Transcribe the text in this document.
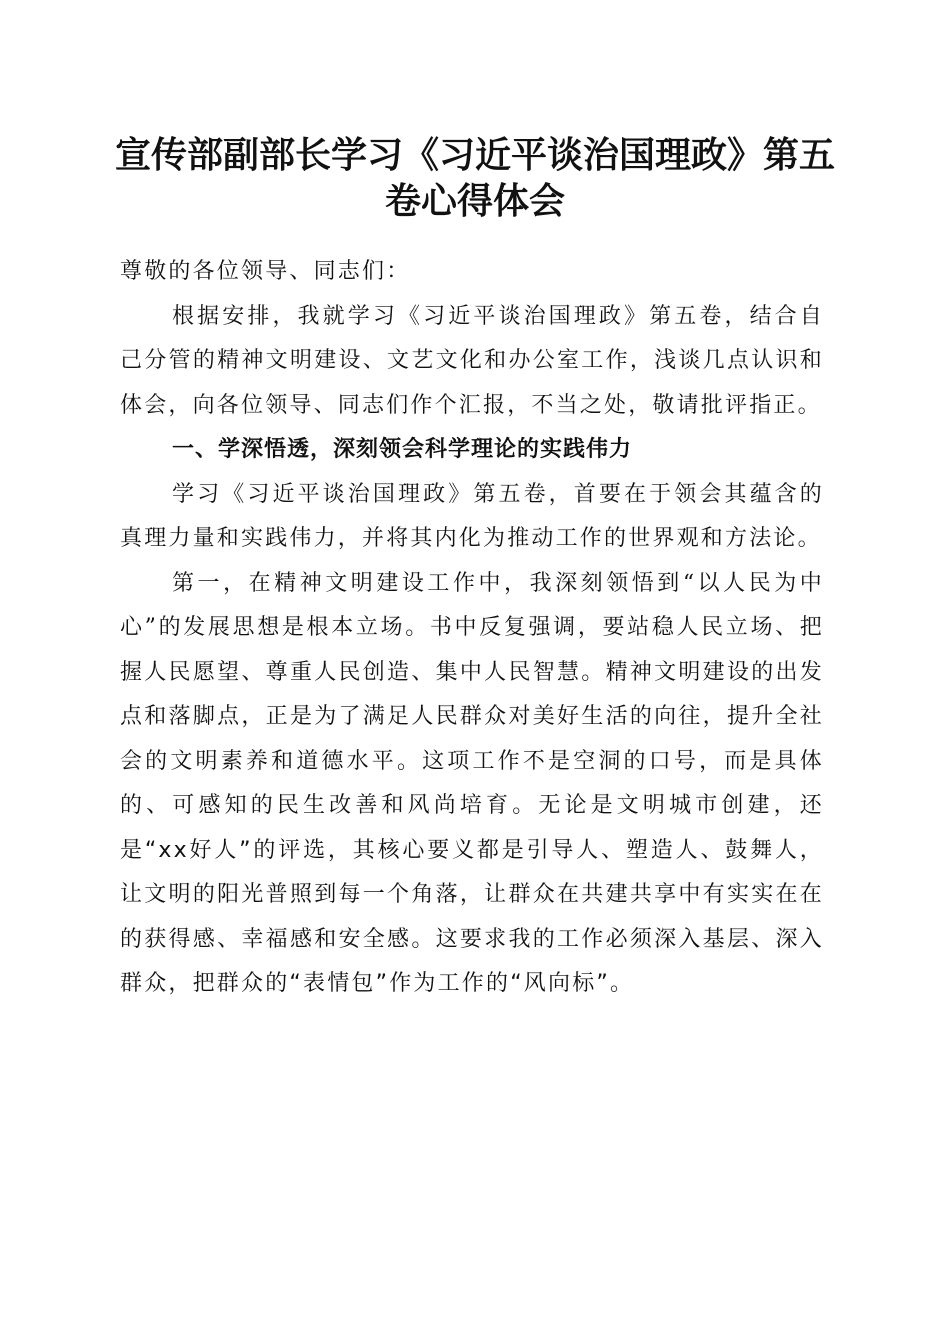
宣传部副部长学习《习近平谈治国理政》第五
卷心得体会

尊敬的各位领导、同志们：

根据安排，我就学习《习近平谈治国理政》第五卷，结合自己分管的精神文明建设、文艺文化和办公室工作，浅谈几点认识和体会，向各位领导、同志们作个汇报，不当之处，敬请批评指正。

一、学深悟透，深刻领会科学理论的实践伟力

学习《习近平谈治国理政》第五卷，首要在于领会其蕴含的真理力量和实践伟力，并将其内化为推动工作的世界观和方法论。

第一，在精神文明建设工作中，我深刻领悟到“以人民为中心”的发展思想是根本立场。书中反复强调，要站稳人民立场、把握人民愿望、尊重人民创造、集中人民智慧。精神文明建设的出发点和落脚点，正是为了满足人民群众对美好生活的向往，提升全社会的文明素养和道德水平。这项工作不是空洞的口号，而是具体的、可感知的民生改善和风尚培育。无论是文明城市创建，还是“xx好人”的评选，其核心要义都是引导人、塑造人、鼓舞人，让文明的阳光普照到每一个角落，让群众在共建共享中有实实在在的获得感、幸福感和安全感。这要求我的工作必须深入基层、深入群众，把群众的“表情包”作为工作的“风向标”。
